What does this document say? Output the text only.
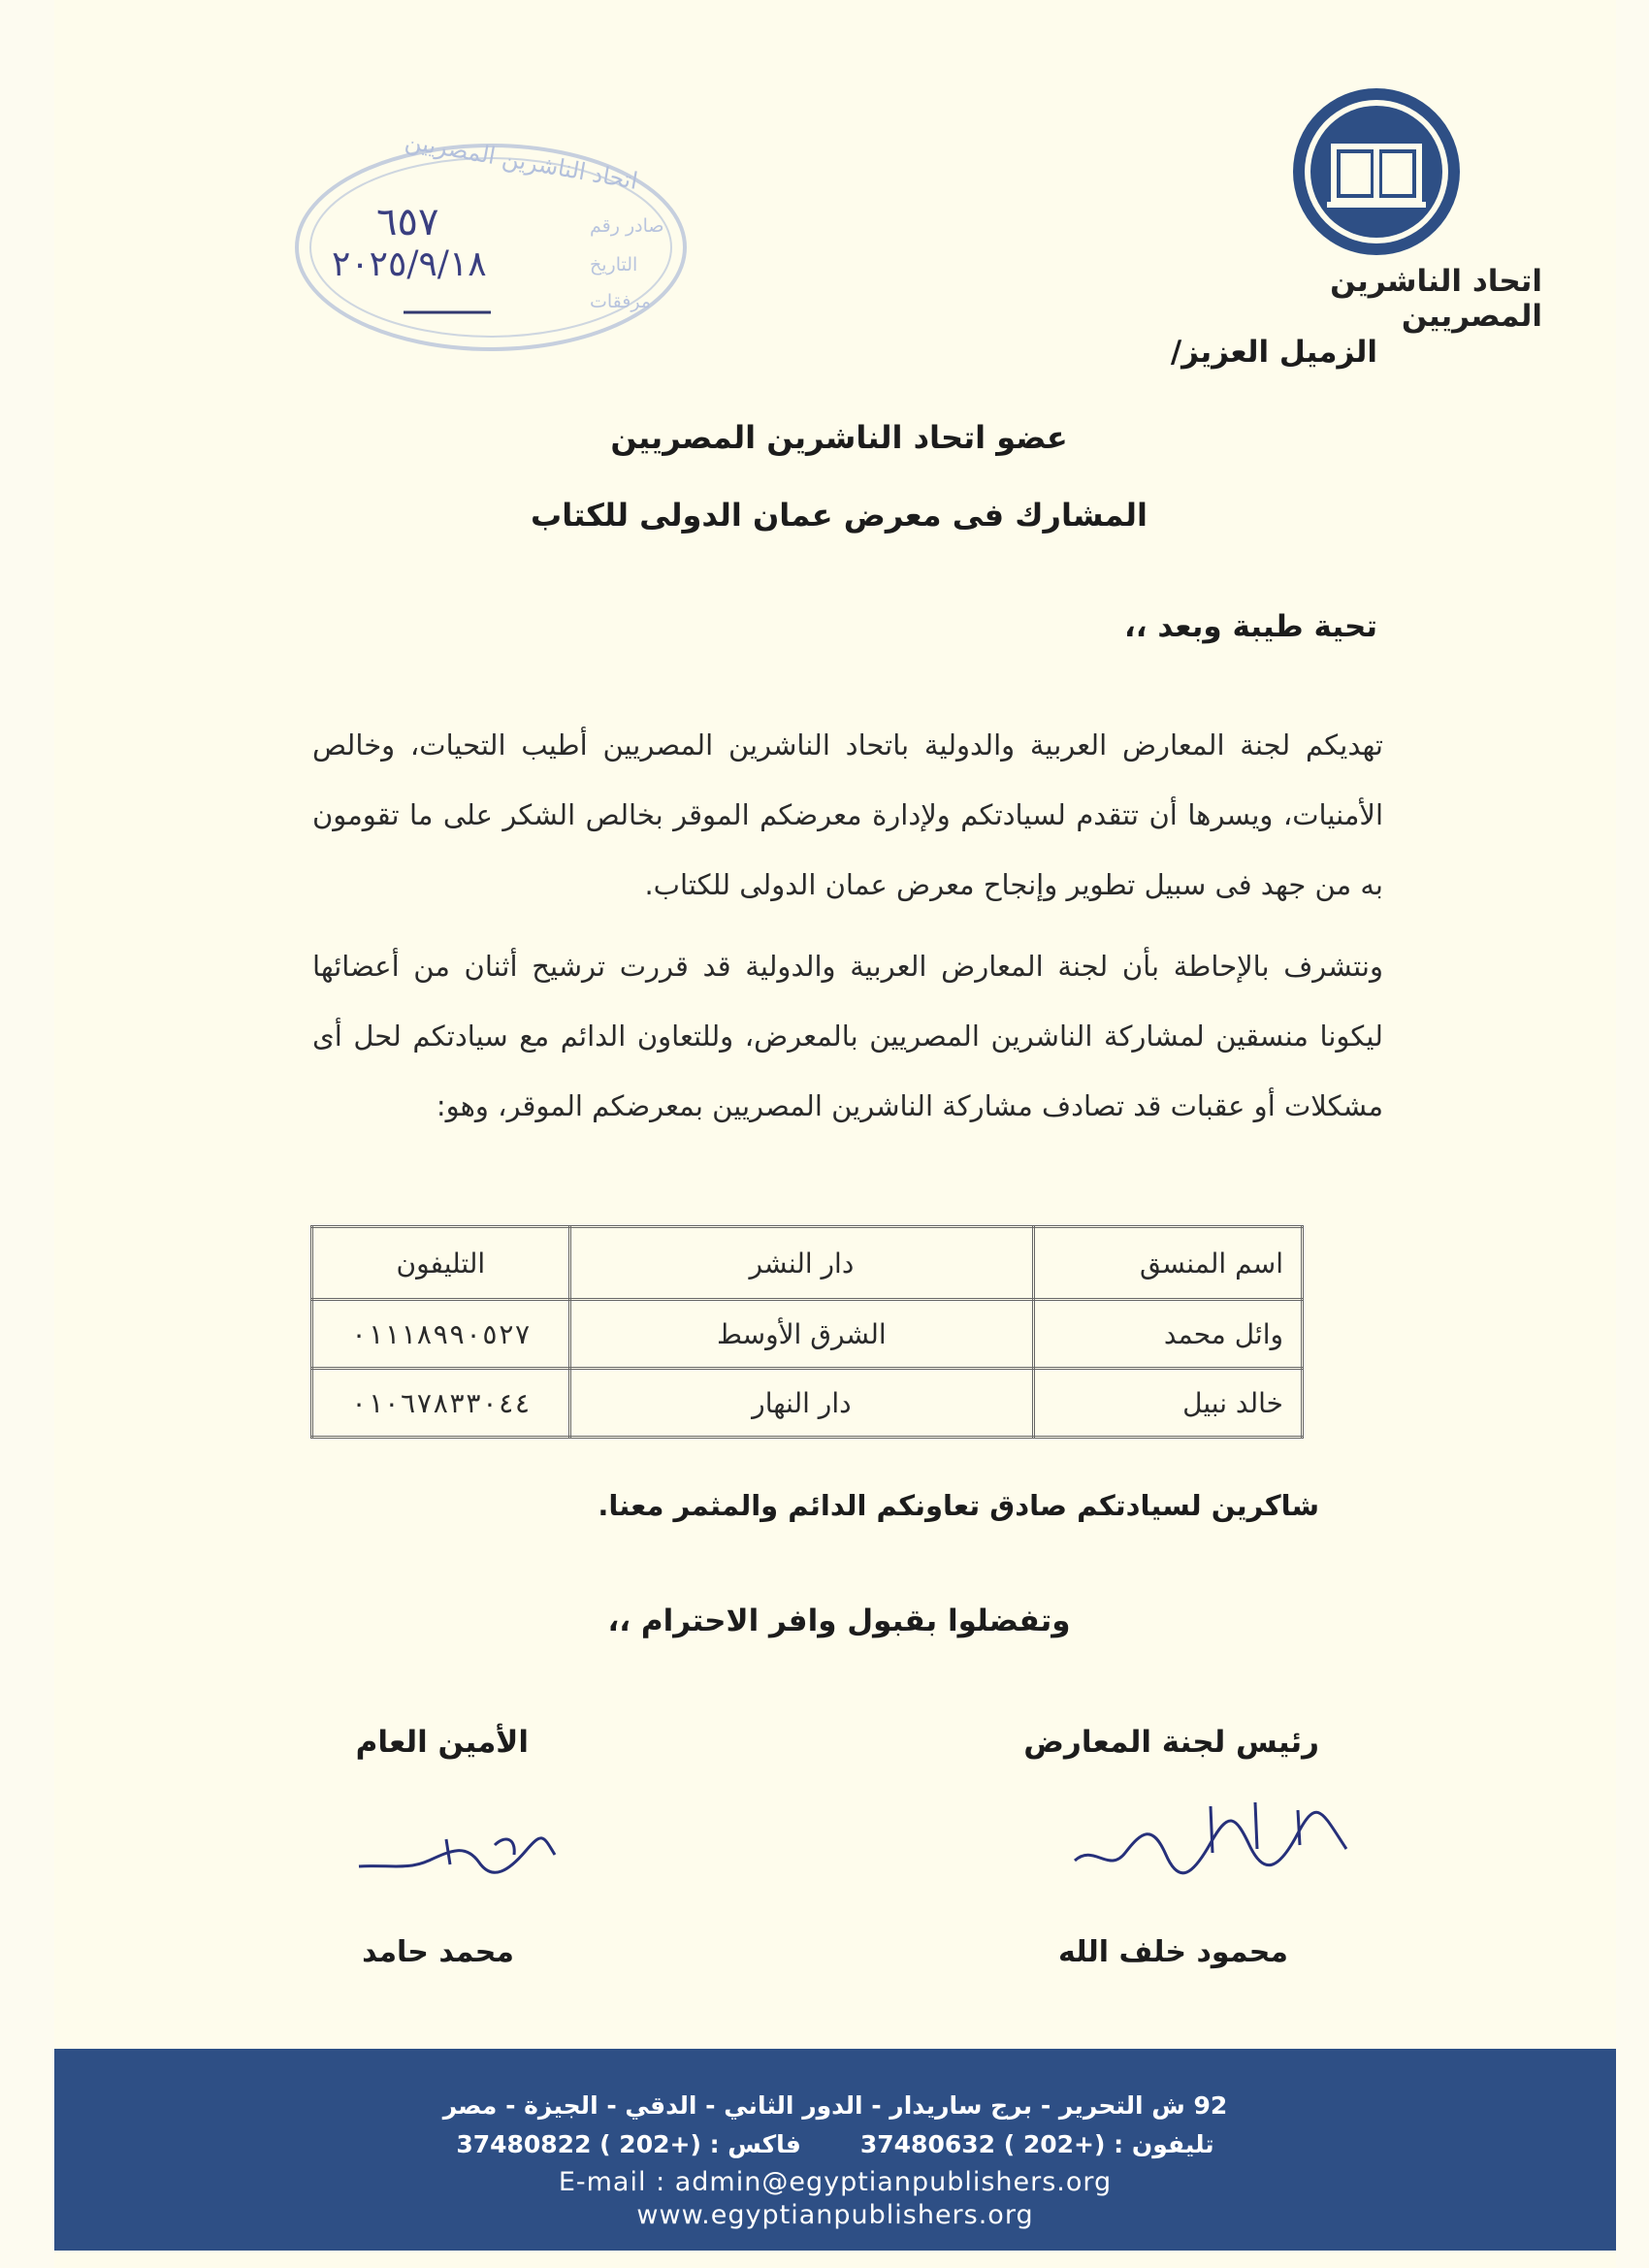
اتحاد الناشرين المصريين
اتحاد الناشرين المصريين
صادر رقم
التاريخ
مرفقات
٦٥٧
٢٠٢٥/٩/١٨
الزميل العزيز/
عضو اتحاد الناشرين المصريين
المشارك فى معرض عمان الدولى للكتاب
تحية طيبة وبعد ،،
تهديكم لجنة المعارض العربية والدولية باتحاد الناشرين المصريين أطيب التحيات، وخالص الأمنيات، ويسرها أن تتقدم لسيادتكم ولإدارة معرضكم الموقر بخالص الشكر على ما تقومون به من جهد فى سبيل تطوير وإنجاح معرض عمان الدولى للكتاب.
ونتشرف بالإحاطة بأن لجنة المعارض العربية والدولية قد قررت ترشيح أثنان من أعضائها ليكونا منسقين لمشاركة الناشرين المصريين بالمعرض، وللتعاون الدائم مع سيادتكم لحل أى مشكلات أو عقبات قد تصادف مشاركة الناشرين المصريين بمعرضكم الموقر، وهو:
اسم المنسق	دار النشر	التليفون
وائل محمد	الشرق الأوسط	٠١١١٨٩٩٠٥٢٧
خالد نبيل	دار النهار	٠١٠٦٧٨٣٣٠٤٤
شاكرين لسيادتكم صادق تعاونكم الدائم والمثمر معنا.
وتفضلوا بقبول وافر الاحترام ،،
رئيس لجنة المعارض
الأمين العام
محمود خلف الله
محمد حامد
92 ش التحرير - برج ساريدار - الدور الثاني - الدقي - الجيزة - مصر
تليفون : 37480632 ( 202+)       فاكس : 37480822 ( 202+)
E-mail : admin@egyptianpublishers.org
www.egyptianpublishers.org
